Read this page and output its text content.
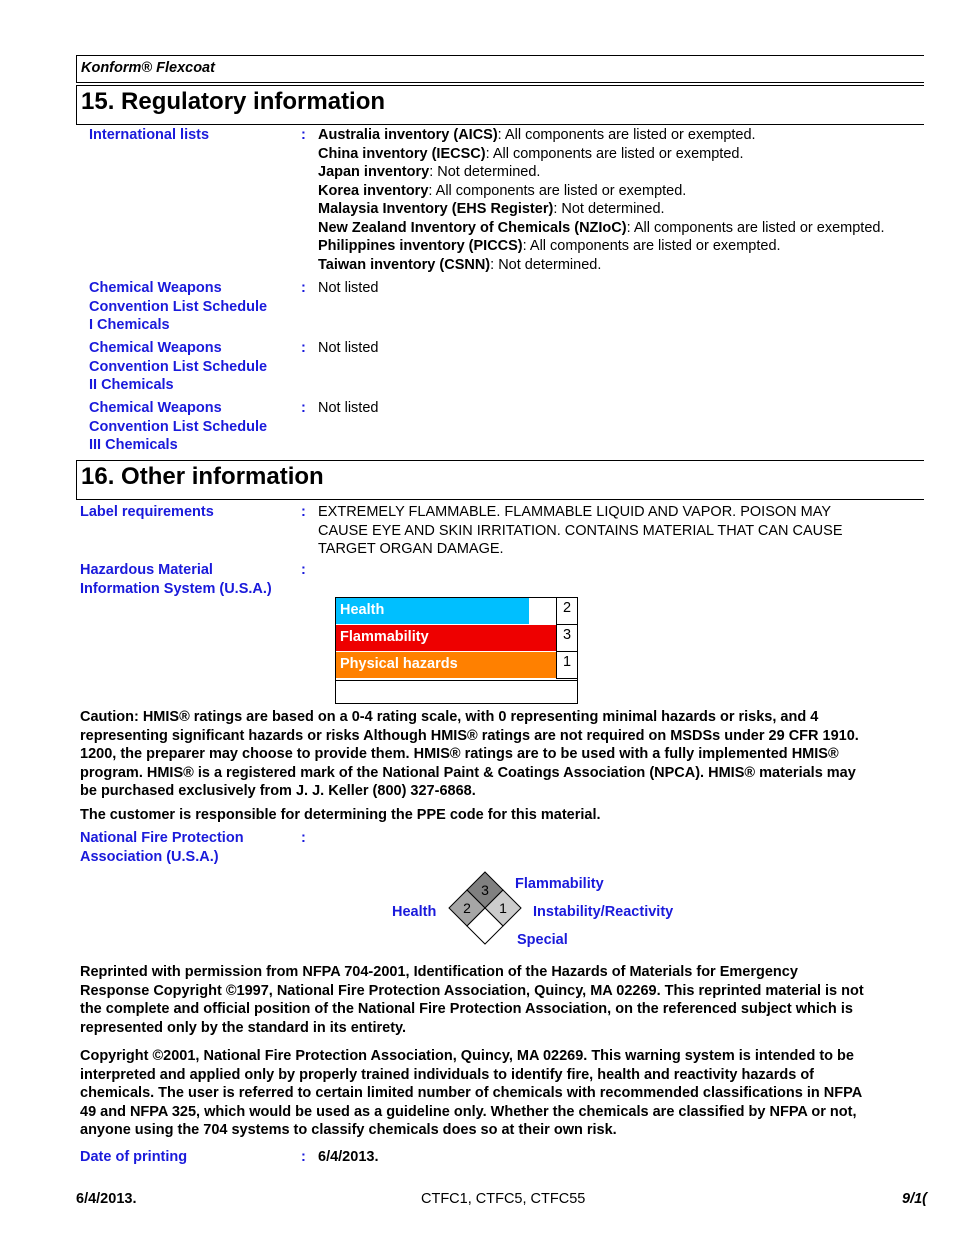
Konform® Flexcoat
15. Regulatory information
International lists	: Australia inventory (AICS): All components are listed or exempted.
China inventory (IECSC): All components are listed or exempted.
Japan inventory: Not determined.
Korea inventory: All components are listed or exempted.
Malaysia Inventory (EHS Register): Not determined.
New Zealand Inventory of Chemicals (NZIoC): All components are listed or exempted.
Philippines inventory (PICCS): All components are listed or exempted.
Taiwan inventory (CSNN): Not determined.
Chemical Weapons
Convention List Schedule
I Chemicals
: Not listed
Chemical Weapons
Convention List Schedule
II Chemicals
: Not listed
Chemical Weapons
Convention List Schedule
III Chemicals
: Not listed
16. Other information
Label requirements	: EXTREMELY FLAMMABLE. FLAMMABLE LIQUID AND VAPOR. POISON MAY
CAUSE EYE AND SKIN IRRITATION. CONTAINS MATERIAL THAT CAN CAUSE
TARGET ORGAN DAMAGE.
Hazardous Material
Information System (U.S.A.)
:
Health	2
Flammability	3
Physical hazards	1
Caution: HMIS® ratings are based on a 0-4 rating scale, with 0 representing minimal hazards or risks, and 4
representing significant hazards or risks Although HMIS® ratings are not required on MSDSs under 29 CFR 1910.
1200, the preparer may choose to provide them. HMIS® ratings are to be used with a fully implemented HMIS®
program. HMIS® is a registered mark of the National Paint & Coatings Association (NPCA). HMIS® materials may
be purchased exclusively from J. J. Keller (800) 327-6868.
The customer is responsible for determining the PPE code for this material.
National Fire Protection
Association (U.S.A.)
:
3
2 1
Flammability
Health	Instability/Reactivity
Special
Reprinted with permission from NFPA 704-2001, Identification of the Hazards of Materials for Emergency
Response Copyright ©1997, National Fire Protection Association, Quincy, MA 02269. This reprinted material is not
the complete and official position of the National Fire Protection Association, on the referenced subject which is
represented only by the standard in its entirety.
Copyright ©2001, National Fire Protection Association, Quincy, MA 02269. This warning system is intended to be
interpreted and applied only by properly trained individuals to identify fire, health and reactivity hazards of
chemicals. The user is referred to certain limited number of chemicals with recommended classifications in NFPA
49 and NFPA 325, which would be used as a guideline only. Whether the chemicals are classified by NFPA or not,
anyone using the 704 systems to classify chemicals does so at their own risk.
Date of printing	: 6/4/2013.
6/4/2013.	CTFC1, CTFC5, CTFC55	9/1(
